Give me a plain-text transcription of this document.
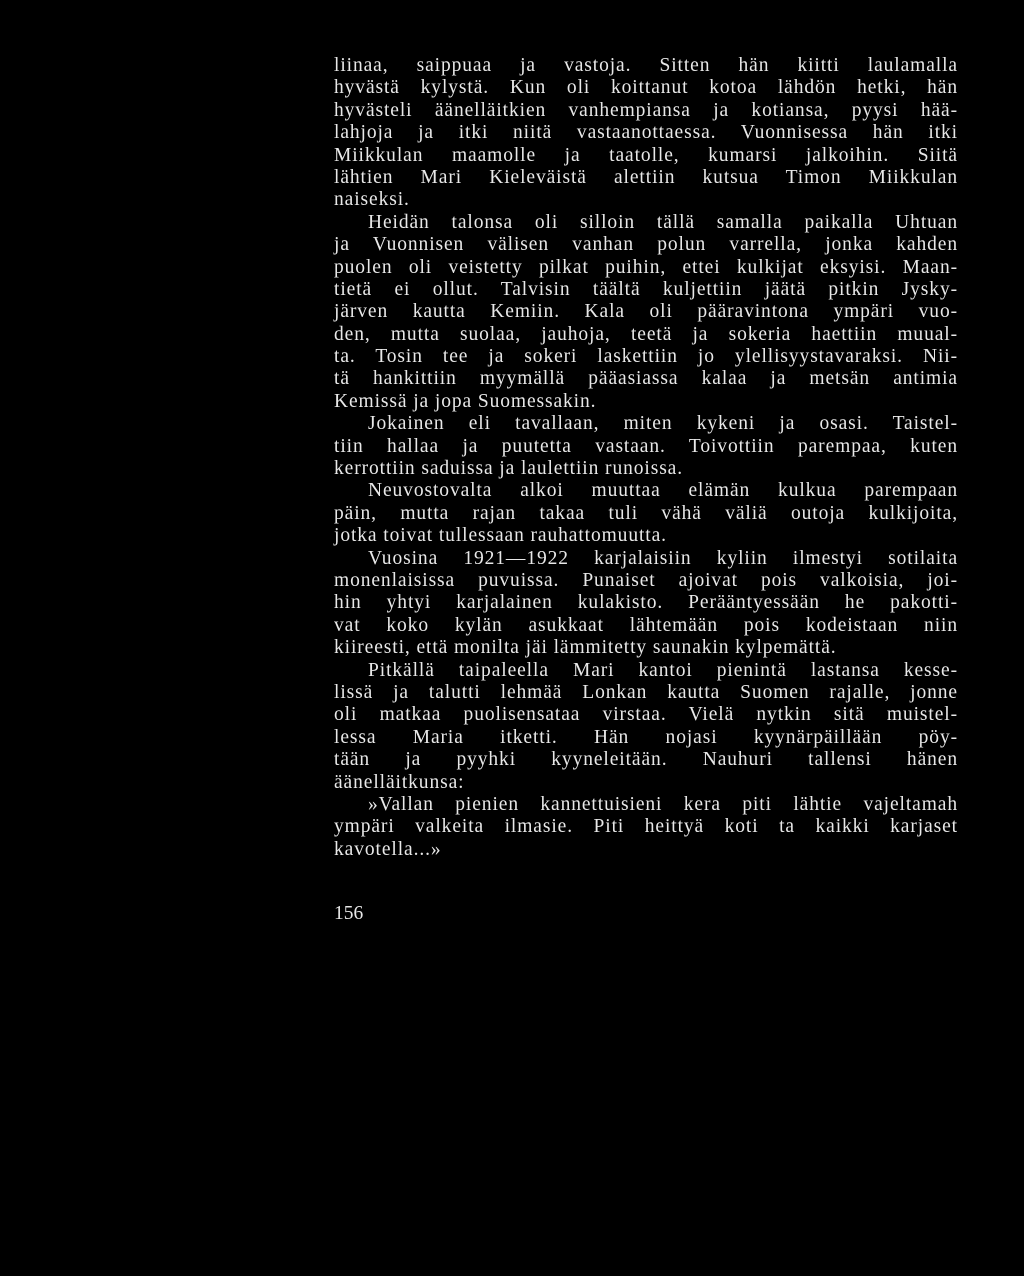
liinaa, saippuaa ja vastoja. Sitten hän kiitti laulamalla
hyvästä kylystä. Kun oli koittanut kotoa lähdön hetki, hän
hyvästeli äänelläitkien vanhempiansa ja kotiansa, pyysi hää-
lahjoja ja itki niitä vastaanottaessa. Vuonnisessa hän itki
Miikkulan maamolle ja taatolle, kumarsi jalkoihin. Siitä
lähtien Mari Kieleväistä alettiin kutsua Timon Miikkulan
naiseksi.
Heidän talonsa oli silloin tällä samalla paikalla Uhtuan
ja Vuonnisen välisen vanhan polun varrella, jonka kahden
puolen oli veistetty pilkat puihin, ettei kulkijat eksyisi. Maan-
tietä ei ollut. Talvisin täältä kuljettiin jäätä pitkin Jysky-
järven kautta Kemiin. Kala oli pääravintona ympäri vuo-
den, mutta suolaa, jauhoja, teetä ja sokeria haettiin muual-
ta. Tosin tee ja sokeri laskettiin jo ylellisyystavaraksi. Nii-
tä hankittiin myymällä pääasiassa kalaa ja metsän antimia
Kemissä ja jopa Suomessakin.
Jokainen eli tavallaan, miten kykeni ja osasi. Taistel-
tiin hallaa ja puutetta vastaan. Toivottiin parempaa, kuten
kerrottiin saduissa ja laulettiin runoissa.
Neuvostovalta alkoi muuttaa elämän kulkua parempaan
päin, mutta rajan takaa tuli vähä väliä outoja kulkijoita,
jotka toivat tullessaan rauhattomuutta.
Vuosina 1921—1922 karjalaisiin kyliin ilmestyi sotilaita
monenlaisissa puvuissa. Punaiset ajoivat pois valkoisia, joi-
hin yhtyi karjalainen kulakisto. Perääntyessään he pakotti-
vat koko kylän asukkaat lähtemään pois kodeistaan niin
kiireesti, että monilta jäi lämmitetty saunakin kylpemättä.
Pitkällä taipaleella Mari kantoi pienintä lastansa kesse-
lissä ja talutti lehmää Lonkan kautta Suomen rajalle, jonne
oli matkaa puolisensataa virstaa. Vielä nytkin sitä muistel-
lessa Maria itketti. Hän nojasi kyynärpäillään pöy-
tään ja pyyhki kyyneleitään. Nauhuri tallensi hänen
äänelläitkunsa:
»Vallan pienien kannettuisieni kera piti lähtie vajeltamah
ympäri valkeita ilmasie. Piti heittyä koti ta kaikki karjaset
kavotella...»
156
